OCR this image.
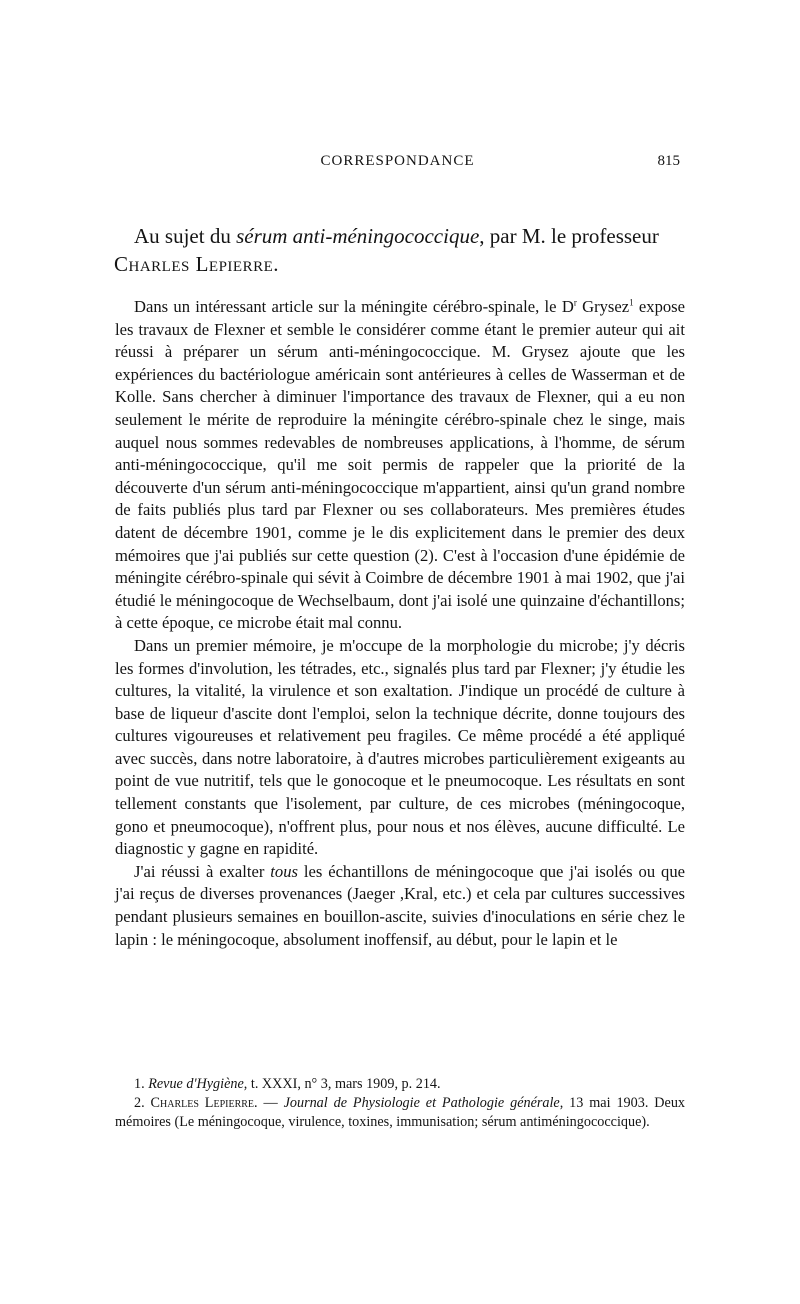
CORRESPONDANCE	815
Au sujet du sérum anti-méningococcique, par M. le professeur
Charles Lepierre.

Dans un intéressant article sur la méningite cérébro-spinale, le $D^r$ Grysez$^1$ expose les travaux de Flexner et semble le considérer comme étant le premier auteur qui ait réussi à préparer un sérum anti-méningococcique. M. Grysez ajoute que les expériences du bactériologue américain sont antérieures à celles de Wasserman et de Kolle. Sans chercher à diminuer l'importance des travaux de Flexner, qui a eu non seulement le mérite de reproduire la méningite cérébro-spinale chez le singe, mais auquel nous sommes redevables de nombreuses applications, à l'homme, de sérum anti-méningococcique, qu'il me soit permis de rappeler que la priorité de la découverte d'un sérum anti-méningococcique m'appartient, ainsi qu'un grand nombre de faits publiés plus tard par Flexner ou ses collaborateurs. Mes premières études datent de décembre 1901, comme je le dis explicitement dans le premier des deux mémoires que j'ai publiés sur cette question (2). C'est à l'occasion d'une épidémie de méningite cérébro-spinale qui sévit à Coimbre de décembre 1901 à mai 1902, que j'ai étudié le méningocoque de Wechselbaum, dont j'ai isolé une quinzaine d'échantillons; à cette époque, ce microbe était mal connu.

Dans un premier mémoire, je m'occupe de la morphologie du microbe; j'y décris les formes d'involution, les tétrades, etc., signalés plus tard par Flexner; j'y étudie les cultures, la vitalité, la virulence et son exaltation. J'indique un procédé de culture à base de liqueur d'ascite dont l'emploi, selon la technique décrite, donne toujours des cultures vigoureuses et relativement peu fragiles. Ce même procédé a été appliqué avec succès, dans notre laboratoire, à d'autres microbes particulièrement exigeants au point de vue nutritif, tels que le gonocoque et le pneumocoque. Les résultats en sont tellement constants que l'isolement, par culture, de ces microbes (méningocoque, gono et pneumocoque), n'offrent plus, pour nous et nos élèves, aucune difficulté. Le diagnostic y gagne en rapidité.

J'ai réussi à exalter tous les échantillons de méningocoque que j'ai isolés ou que j'ai reçus de diverses provenances (Jaeger ,Kral, etc.) et cela par cultures successives pendant plusieurs semaines en bouillon-ascite, suivies d'inoculations en série chez le lapin : le méningocoque, absolument inoffensif, au début, pour le lapin et le

1. Revue d'Hygiène, t. XXXI, n° 3, mars 1909, p. 214.

2. Charles Lepierre. — Journal de Physiologie et Pathologie générale, 13 mai 1903. Deux mémoires (Le méningocoque, virulence, toxines, immunisation; sérum antiméningococcique).
